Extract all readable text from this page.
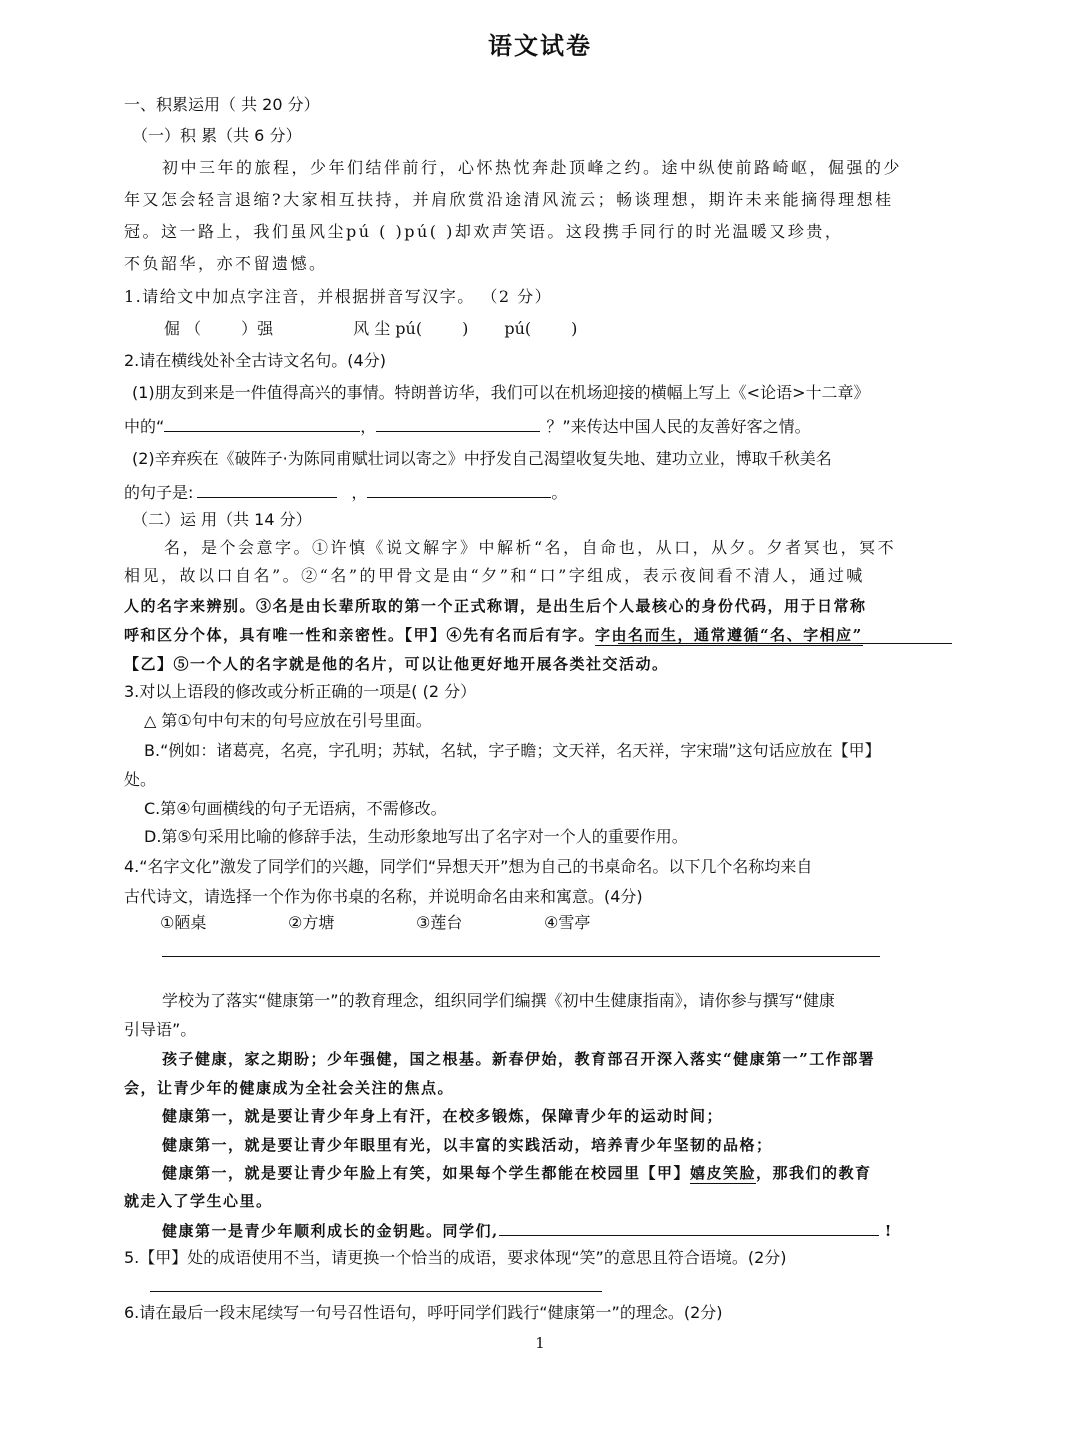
语文试卷
一、积累运用（ 共 20 分）
（一）积 累（共 6 分）
初中三年的旅程，少年们结伴前行，心怀热忱奔赴顶峰之约。途中纵使前路崎岖，倔强的少
年又怎会轻言退缩?大家相互扶持，并肩欣赏沿途清风流云；畅谈理想，期许未来能摘得理想桂
冠。这一路上，我们虽风尘pú ( )pú( )却欢声笑语。这段携手同行的时光温暖又珍贵，
不负韶华，亦不留遗憾。
1.请给文中加点字注音，并根据拼音写汉字。 （2 分）
倔 （	）强	风 尘 pú(	) pú(	)
2.请在横线处补全古诗文名句。(4分)
(1)朋友到来是一件值得高兴的事情。特朗普访华，我们可以在机场迎接的横幅上写上《<论语>十二章》
中的“	，	？”来传达中国人民的友善好客之情。
(2)辛弃疾在《破阵子·为陈同甫赋壮词以寄之》中抒发自己渴望收复失地、建功立业，博取千秋美名
的句子是:	，	。
（二）运 用（共 14 分）
名，是个会意字。①许慎《说文解字》中解析“名，自命也，从口，从夕。夕者冥也，冥不
相见，故以口自名”。②“名”的甲骨文是由“夕”和“口”字组成，表示夜间看不清人，通过喊
人的名字来辨别。③名是由长辈所取的第一个正式称谓，是出生后个人最核心的身份代码，用于日常称
呼和区分个体，具有唯一性和亲密性。【甲】④先有名而后有字。字由名而生，通常遵循“名、字相应”
【乙】⑤一个人的名字就是他的名片，可以让他更好地开展各类社交活动。
3.对以上语段的修改或分析正确的一项是( (2 分）
△ 第①句中句末的句号应放在引号里面。
B.“例如：诸葛亮，名亮，字孔明；苏轼，名轼，字子瞻；文天祥，名天祥，字宋瑞”这句话应放在【甲】
处。
C.第④句画横线的句子无语病，不需修改。
D.第⑤句采用比喻的修辞手法，生动形象地写出了名字对一个人的重要作用。
4.“名字文化”激发了同学们的兴趣，同学们“异想天开”想为自己的书桌命名。以下几个名称均来自
古代诗文，请选择一个作为你书桌的名称，并说明命名由来和寓意。(4分)
①陋桌	②方塘	③莲台	④雪亭
学校为了落实“健康第一”的教育理念，组织同学们编撰《初中生健康指南》，请你参与撰写“健康
引导语”。
孩子健康，家之期盼；少年强健，国之根基。新春伊始，教育部召开深入落实“健康第一”工作部署
会，让青少年的健康成为全社会关注的焦点。
健康第一，就是要让青少年身上有汗，在校多锻炼，保障青少年的运动时间；
健康第一，就是要让青少年眼里有光，以丰富的实践活动，培养青少年坚韧的品格；
健康第一，就是要让青少年脸上有笑，如果每个学生都能在校园里【甲】嬉皮笑脸，那我们的教育
就走入了学生心里。
健康第一是青少年顺利成长的金钥匙。同学们,	!
5.【甲】处的成语使用不当，请更换一个恰当的成语，要求体现“笑”的意思且符合语境。(2分)
6.请在最后一段末尾续写一句号召性语句，呼吁同学们践行“健康第一”的理念。(2分)
1
